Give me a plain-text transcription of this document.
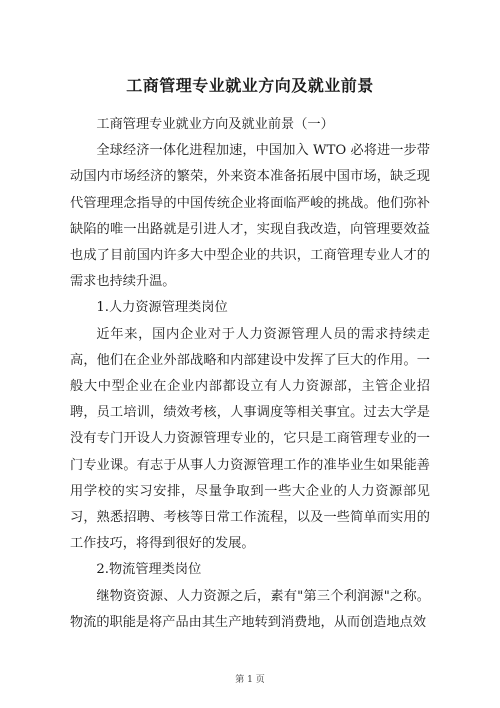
工商管理专业就业方向及就业前景

工商管理专业就业方向及就业前景（一）

全球经济一体化进程加速，中国加入 WTO 必将进一步带动国内市场经济的繁荣，外来资本准备拓展中国市场，缺乏现代管理理念指导的中国传统企业将面临严峻的挑战。他们弥补缺陷的唯一出路就是引进人才，实现自我改造，向管理要效益也成了目前国内许多大中型企业的共识，工商管理专业人才的需求也持续升温。

1.人力资源管理类岗位

近年来，国内企业对于人力资源管理人员的需求持续走高，他们在企业外部战略和内部建设中发挥了巨大的作用。一般大中型企业在企业内部都设立有人力资源部，主管企业招聘，员工培训，绩效考核，人事调度等相关事宜。过去大学是没有专门开设人力资源管理专业的，它只是工商管理专业的一门专业课。有志于从事人力资源管理工作的准毕业生如果能善用学校的实习安排，尽量争取到一些大企业的人力资源部见习，熟悉招聘、考核等日常工作流程，以及一些简单而实用的工作技巧，将得到很好的发展。

2.物流管理类岗位

继物资资源、人力资源之后，素有"第三个利润源"之称。物流的职能是将产品由其生产地转到消费地，从而创造地点效

第 1 页
